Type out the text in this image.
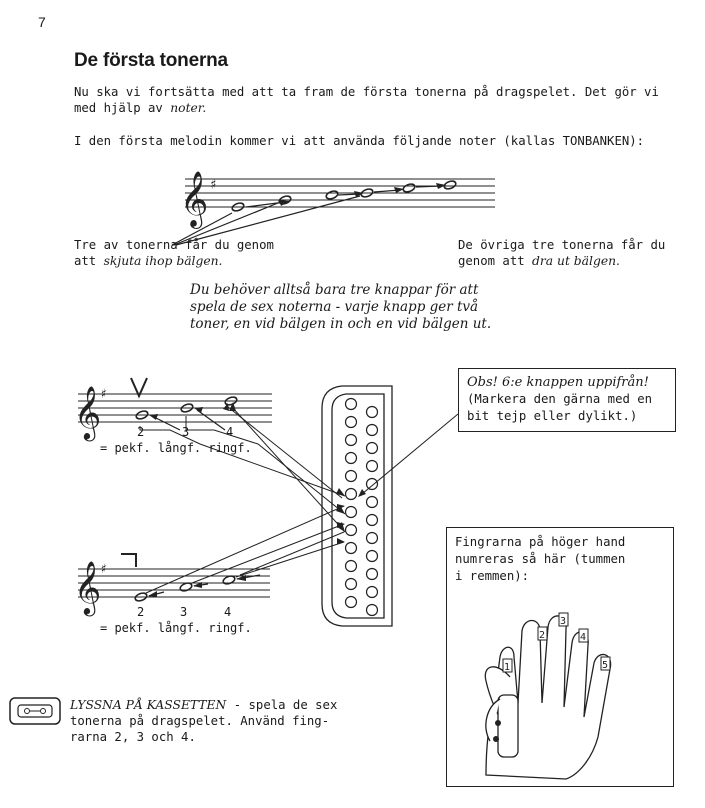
7
De första tonerna
Nu ska vi fortsätta med att ta fram de första tonerna på dragspelet. Det gör vi
med hjälp av noter.
I den första melodin kommer vi att använda följande noter (kallas TONBANKEN):
𝄞 ♯
Tre av tonerna får du genom
att skjuta ihop bälgen.
De övriga tre tonerna får du
genom att dra ut bälgen.
Du behöver alltså bara tre knappar för att
spela de sex noterna - varje knapp ger två
toner, en vid bälgen in och en vid bälgen ut.
𝄞
♯
𝄞
♯
2	3	4
= pekf. långf. ringf.
2	3	4
= pekf. långf. ringf.
Obs! 6:e knappen uppifrån!
(Markera den gärna med en
bit tejp eller dylikt.)
Fingrarna på höger hand
numreras så här (tummen
i remmen):
1
2
3
4
5
LYSSNA PÅ KASSETTEN - spela de sex
tonerna på dragspelet. Använd fing-
rarna 2, 3 och 4.
